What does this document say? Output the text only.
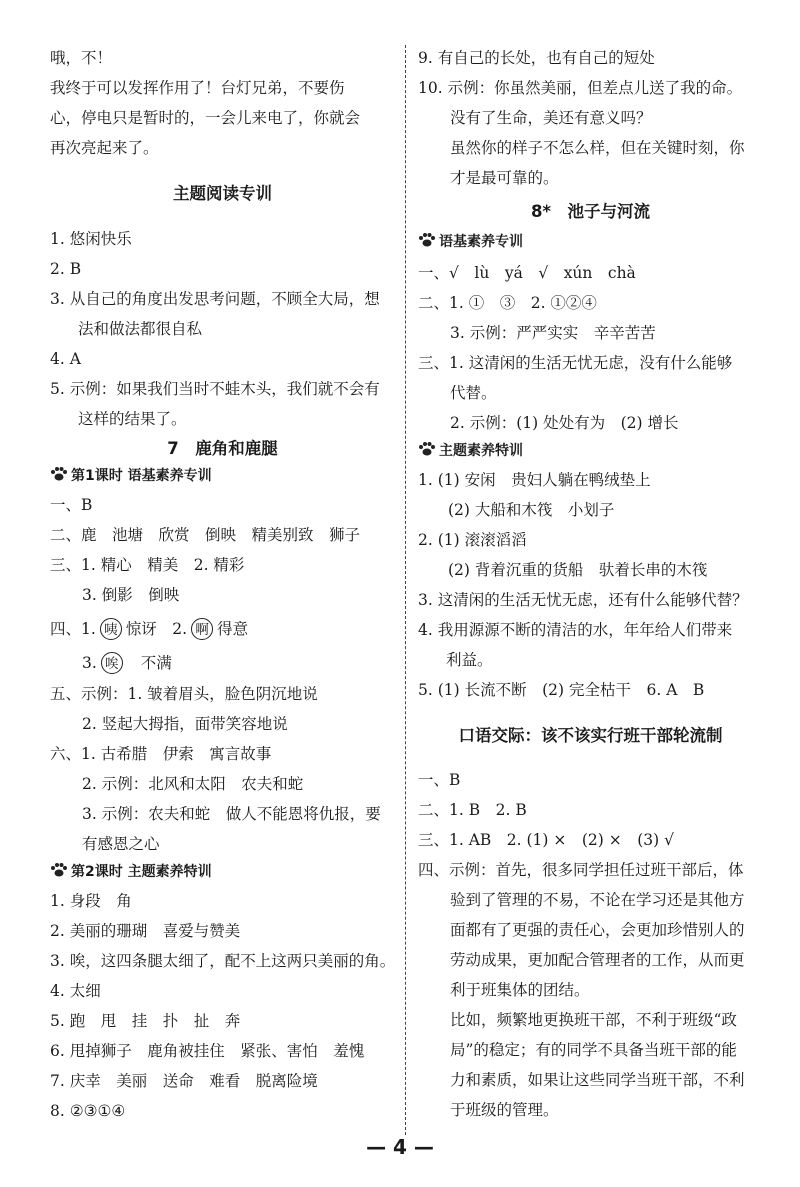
哦，不！
我终于可以发挥作用了！台灯兄弟，不要伤
心，停电只是暂时的，一会儿来电了，你就会
再次亮起来了。
主题阅读专训
1. 悠闲快乐
2. B
3. 从自己的角度出发思考问题，不顾全大局，想
法和做法都很自私
4. A
5. 示例：如果我们当时不蛙木头，我们就不会有
这样的结果了。
7　鹿角和鹿腿
第1课时 语基素养专训
一、B
二、鹿　池塘　欣赏　倒映　精美别致　狮子
三、1. 精心　精美　2. 精彩
3. 倒影　倒映
四、1. 咦 惊讶　2. 啊 得意
3. 唉 不满
五、示例：1. 皱着眉头，脸色阴沉地说
2. 竖起大拇指，面带笑容地说
六、1. 古希腊　伊索　寓言故事
2. 示例：北风和太阳　农夫和蛇
3. 示例：农夫和蛇　做人不能恩将仇报，要
有感恩之心
第2课时 主题素养特训
1. 身段　角
2. 美丽的珊瑚　喜爱与赞美
3. 唉，这四条腿太细了，配不上这两只美丽的角。
4. 太细
5. 跑　甩　挂　扑　扯　奔
6. 甩掉狮子　鹿角被挂住　紧张、害怕　羞愧
7. 庆幸　美丽　送命　难看　脱离险境
8. ②③①④
9. 有自己的长处，也有自己的短处
10. 示例：你虽然美丽，但差点儿送了我的命。
没有了生命，美还有意义吗？
虽然你的样子不怎么样，但在关键时刻，你
才是最可靠的。
8*　池子与河流
语基素养专训
一、√　lù　yá　√　xún　chà
二、1. ①　③　2. ①②④
3. 示例：严严实实　辛辛苦苦
三、1. 这清闲的生活无忧无虑，没有什么能够
代替。
2. 示例：(1) 处处有为　(2) 增长
主题素养特训
1. (1) 安闲　贵妇人躺在鸭绒垫上
(2) 大船和木筏　小划子
2. (1) 滚滚滔滔
(2) 背着沉重的货船　驮着长串的木筏
3. 这清闲的生活无忧无虑，还有什么能够代替？
4. 我用源源不断的清洁的水，年年给人们带来
利益。
5. (1) 长流不断　(2) 完全枯干　6. A　B
口语交际：该不该实行班干部轮流制
一、B
二、1. B　2. B
三、1. AB　2. (1) ×　(2) ×　(3) √
四、示例：首先，很多同学担任过班干部后，体
验到了管理的不易，不论在学习还是其他方
面都有了更强的责任心，会更加珍惜别人的
劳动成果，更加配合管理者的工作，从而更
利于班集体的团结。
比如，频繁地更换班干部，不利于班级“政
局”的稳定；有的同学不具备当班干部的能
力和素质，如果让这些同学当班干部，不利
于班级的管理。
— 4 —
